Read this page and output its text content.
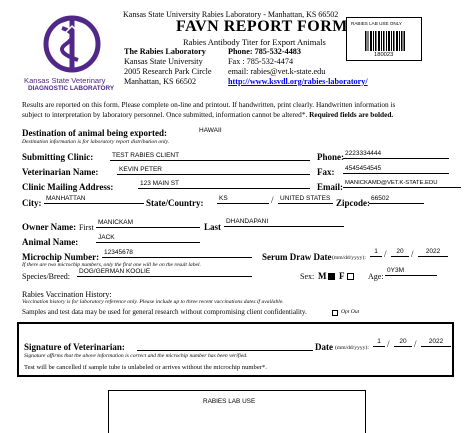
Kansas State Veterinary
DIAGNOSTIC LABORATORY
Kansas State University Rabies Laboratory - Manhattan, KS 66502
FAVN REPORT FORM
Rabies Antibody Titer for Export Animals
The Rabies Laboratory
Kansas State University
2005 Research Park Circle
Manhattan, KS 66502
Phone: 785-532-4483
Fax : 785-532-4474
email: rabies@vet.k-state.edu
http://www.ksvdl.org/rabies-laboratory/
RABIES LAB USE ONLY
180023
Results are reported on this form. Please complete on-line and printout. If handwritten, print clearly. Handwritten information is
subject to interpretation by laboratory personnel. Once submitted, information cannot be altered*. Required fields are bolded.
Destination of animal being exported:	HAWAII
Destination information is for laboratory report distribution only.
Submitting Clinic:	TEST RABIES CLIENT	Phone: 2223334444
Veterinarian Name:	KEVIN PETER	Fax:	4545454545
Clinic Mailing Address:	123 MAIN ST	Email: MANICKAMD@VET.K-STATE.EDU
City: MANHATTAN	State/Country:	KS	/ UNITED STATES Zipcode: 66502
Owner Name: First
MANICKAM	Last
DHANDAPANI
Animal Name:	JACK
Microchip Number: 12345678
If there are two microchip numbers, only the first one will be on the result label.
Serum Draw Date (mm/dd/yyyy):
1 /	20 /	2022
Species/Breed:
DOG/GERMAN KOOLIE
Sex: M F	Age:
0Y3M
Rabies Vaccination History:
Vaccination history is for laboratory reference only. Please include up to three recent vaccinations dates if available.
Samples and test data may be used for general research without compromising client confidentiality.	Opt Out
Signature of Veterinarian:	Date (mm/dd/yyyy):
1 /	20 /	2022
Signature affirms that the above information is correct and the microchip number has been verified.
Test will be cancelled if sample tube is unlabeled or arrives without the microchip number*.
RABIES LAB USE
